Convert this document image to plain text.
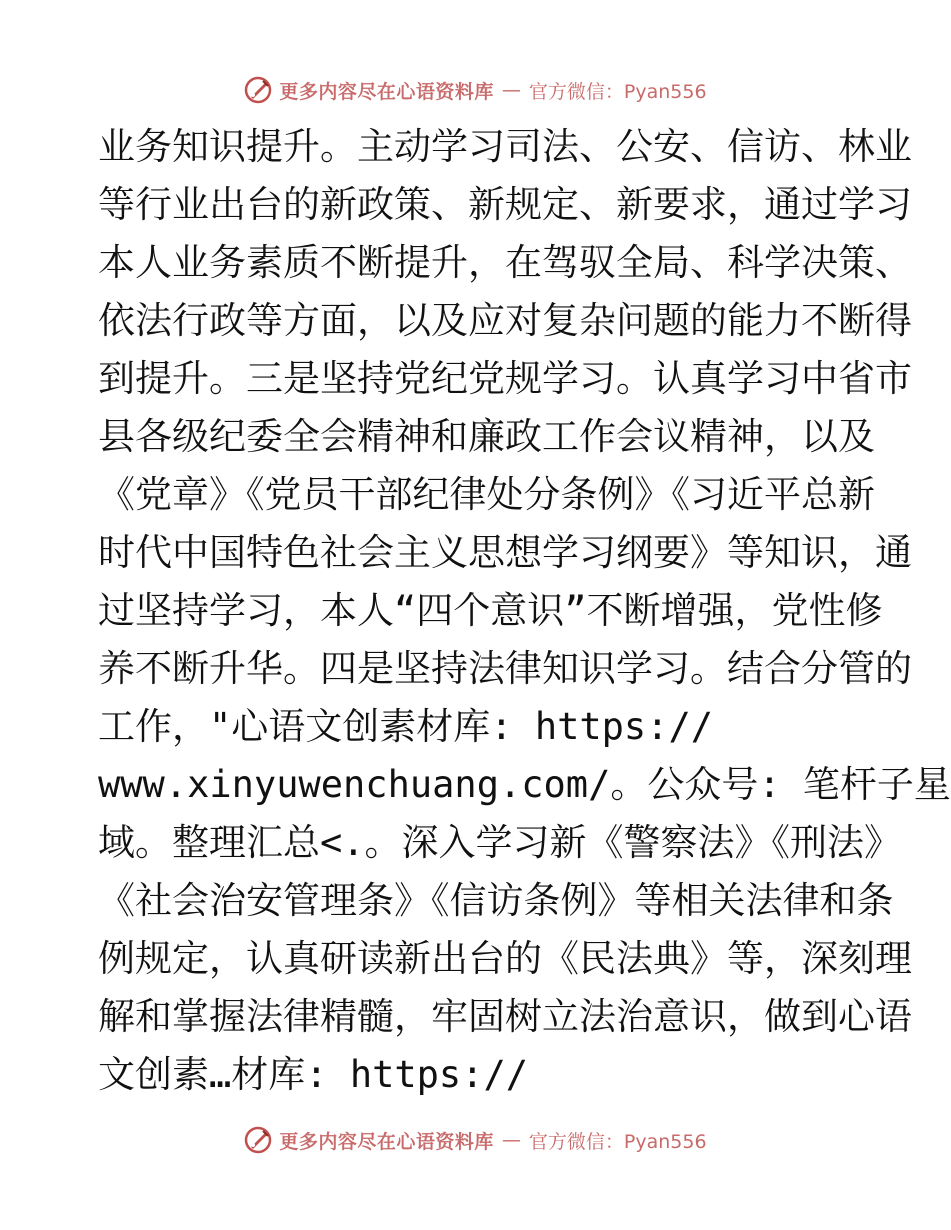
更多内容尽在心语资料库 — 官方微信：Pyan556
业务知识提升。主动学习司法、公安、信访、林业
等行业出台的新政策、新规定、新要求，通过学习
本人业务素质不断提升，在驾驭全局、科学决策、
依法行政等方面，以及应对复杂问题的能力不断得
到提升。三是坚持党纪党规学习。认真学习中省市
县各级纪委全会精神和廉政工作会议精神，以及
《党章》《党员干部纪律处分条例》《习近平总新
时代中国特色社会主义思想学习纲要》等知识，通
过坚持学习，本人“四个意识”不断增强，党性修
养不断升华。四是坚持法律知识学习。结合分管的
工作，"心语文创素材库: https://
www.xinyuwenchuang.com/。公众号: 笔杆子星
域。整理汇总<.。深入学习新《警察法》《刑法》
《社会治安管理条》《信访条例》等相关法律和条
例规定，认真研读新出台的《民法典》等，深刻理
解和掌握法律精髓，牢固树立法治意识，做到心语
文创素…材库: https://
更多内容尽在心语资料库 — 官方微信：Pyan556
